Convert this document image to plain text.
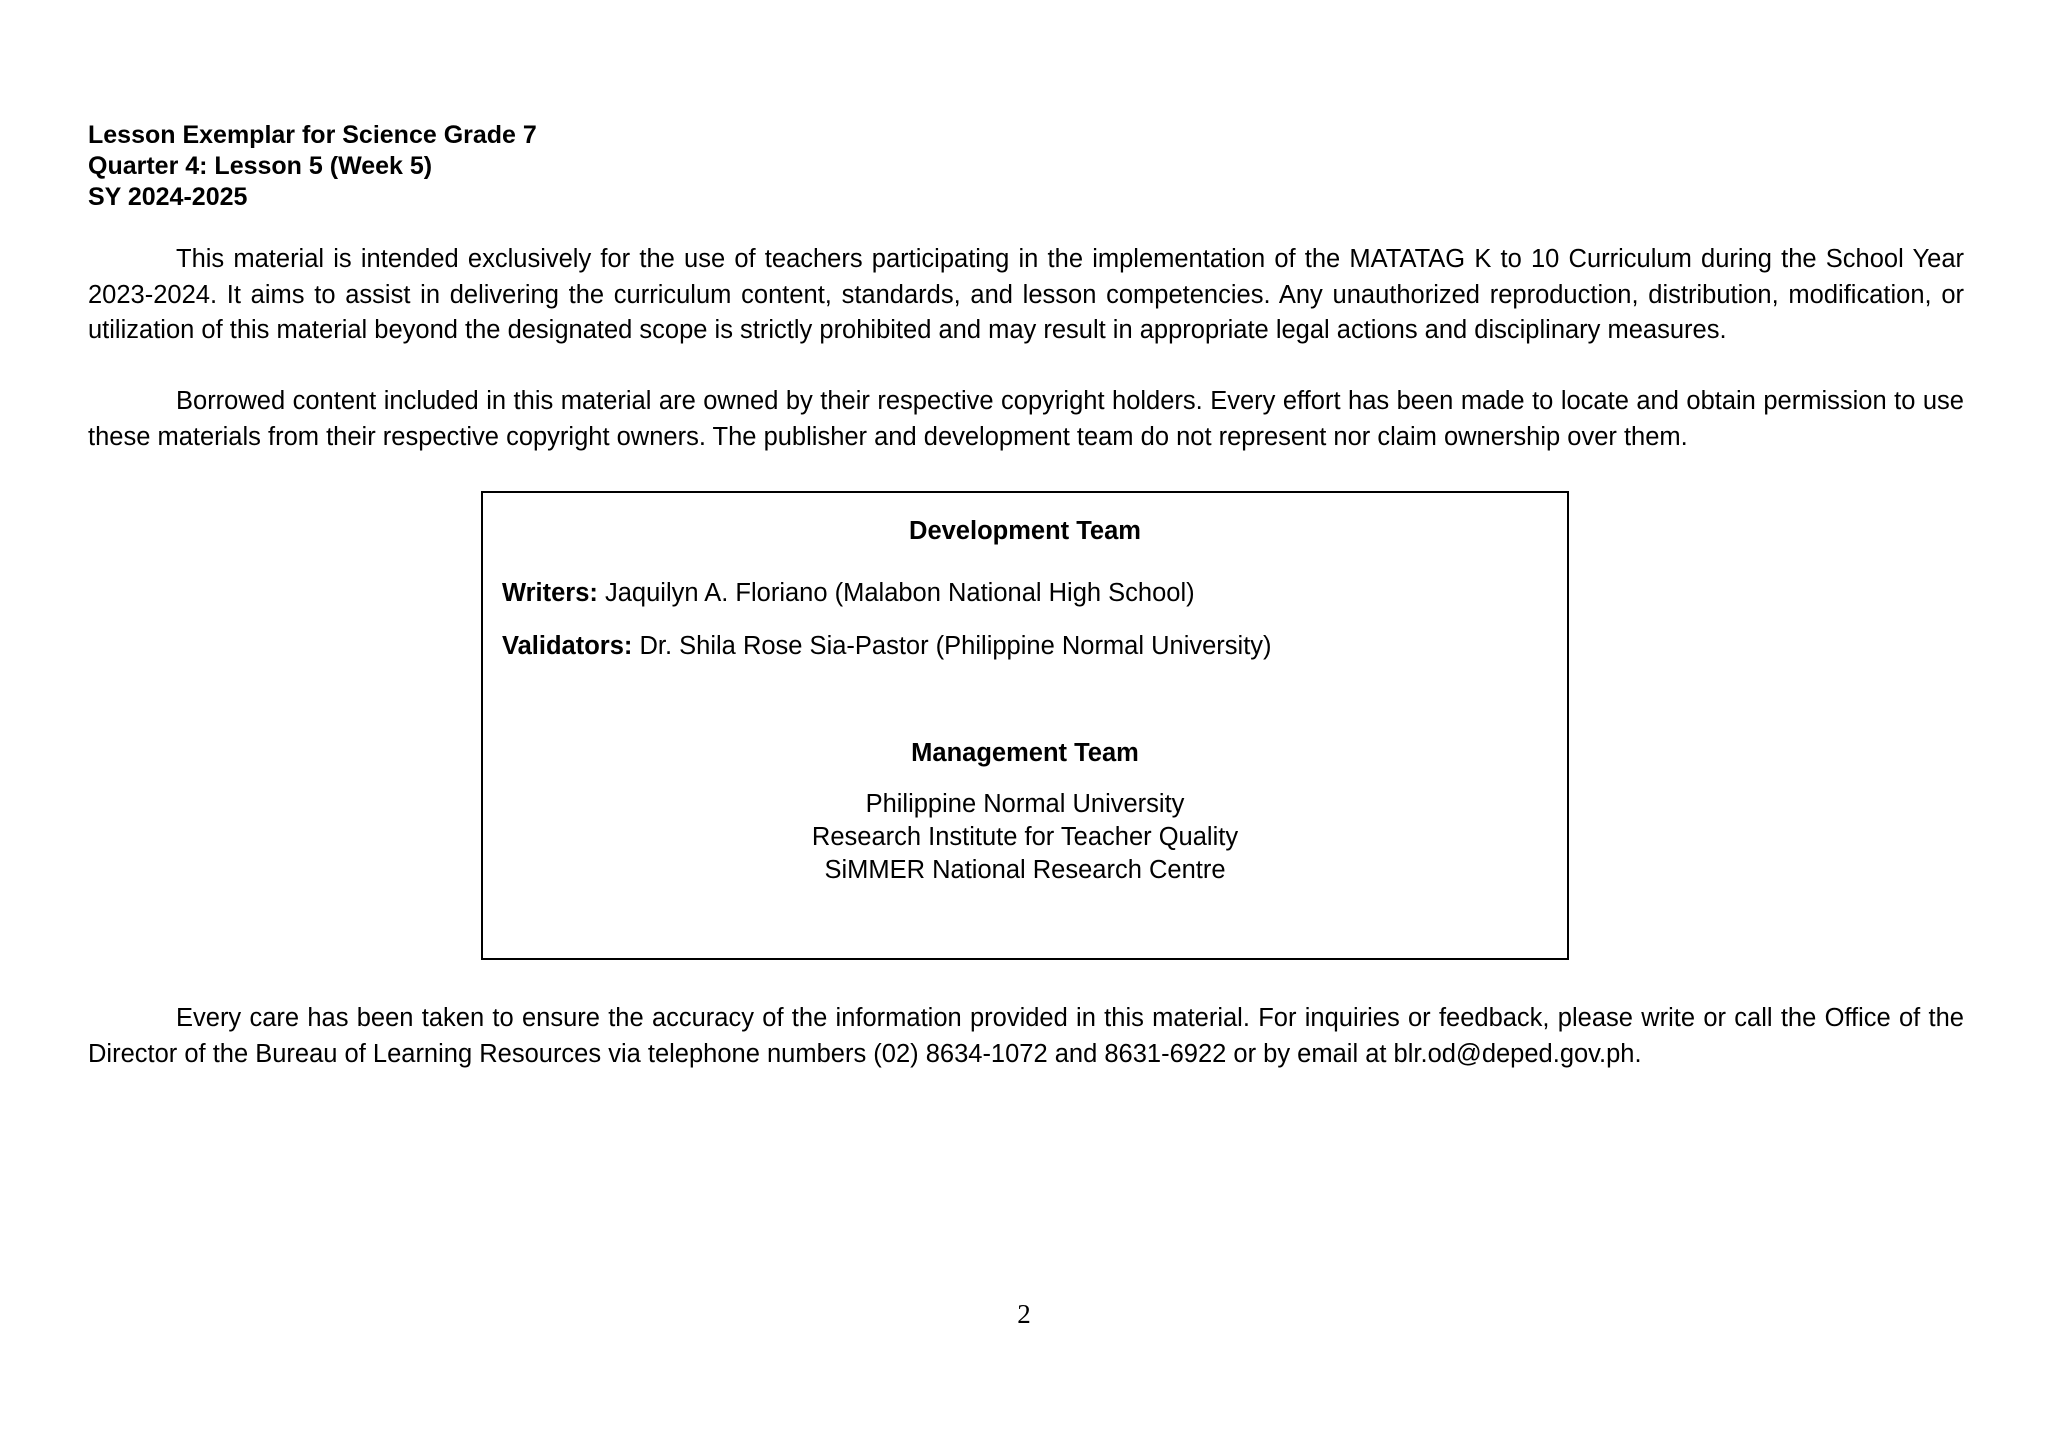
Lesson Exemplar for Science Grade 7
Quarter 4: Lesson 5 (Week 5)
SY 2024-2025

This material is intended exclusively for the use of teachers participating in the implementation of the MATATAG K to 10 Curriculum during the School Year 2023-2024. It aims to assist in delivering the curriculum content, standards, and lesson competencies. Any unauthorized reproduction, distribution, modification, or utilization of this material beyond the designated scope is strictly prohibited and may result in appropriate legal actions and disciplinary measures.

Borrowed content included in this material are owned by their respective copyright holders. Every effort has been made to locate and obtain permission to use these materials from their respective copyright owners. The publisher and development team do not represent nor claim ownership over them.

Development Team
Writers: Jaquilyn A. Floriano (Malabon National High School)
Validators: Dr. Shila Rose Sia-Pastor (Philippine Normal University)
Management Team
Philippine Normal University
Research Institute for Teacher Quality
SiMMER National Research Centre

Every care has been taken to ensure the accuracy of the information provided in this material. For inquiries or feedback, please write or call the Office of the Director of the Bureau of Learning Resources via telephone numbers (02) 8634-1072 and 8631-6922 or by email at blr.od@deped.gov.ph.

2
